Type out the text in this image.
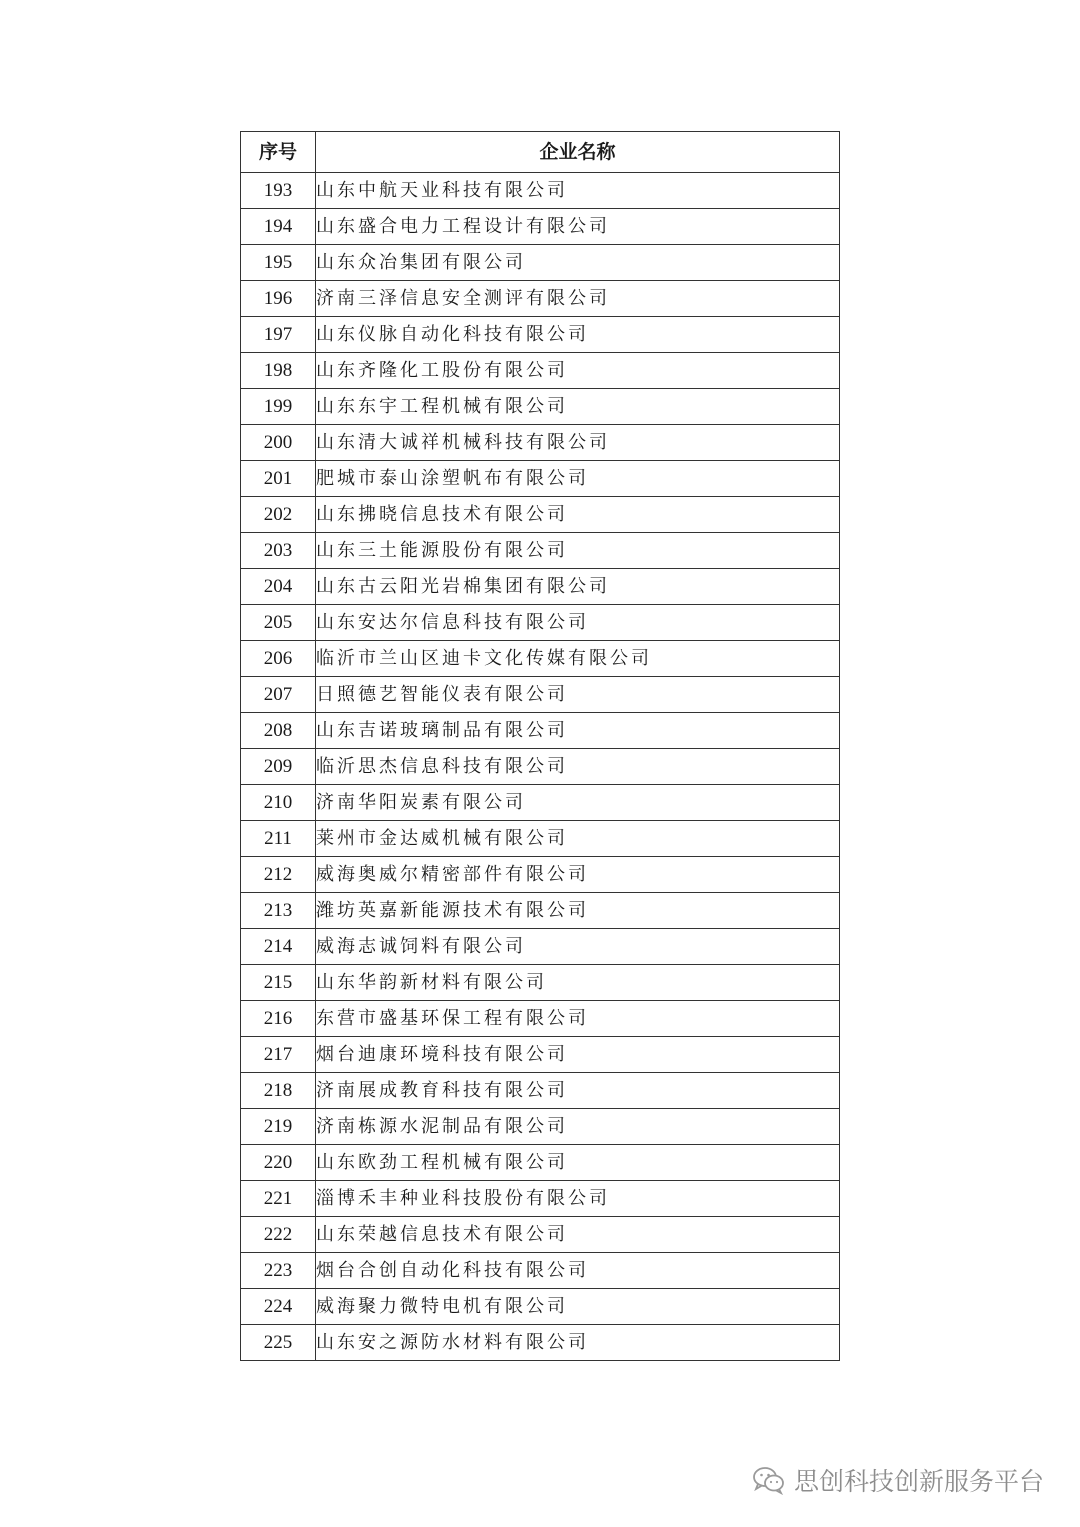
序号	企业名称
193	山东中航天业科技有限公司
194	山东盛合电力工程设计有限公司
195	山东众冶集团有限公司
196	济南三泽信息安全测评有限公司
197	山东仪脉自动化科技有限公司
198	山东齐隆化工股份有限公司
199	山东东宇工程机械有限公司
200	山东清大诚祥机械科技有限公司
201	肥城市泰山涂塑帆布有限公司
202	山东拂晓信息技术有限公司
203	山东三土能源股份有限公司
204	山东古云阳光岩棉集团有限公司
205	山东安达尔信息科技有限公司
206	临沂市兰山区迪卡文化传媒有限公司
207	日照德艺智能仪表有限公司
208	山东吉诺玻璃制品有限公司
209	临沂思杰信息科技有限公司
210	济南华阳炭素有限公司
211	莱州市金达威机械有限公司
212	威海奥威尔精密部件有限公司
213	潍坊英嘉新能源技术有限公司
214	威海志诚饲料有限公司
215	山东华韵新材料有限公司
216	东营市盛基环保工程有限公司
217	烟台迪康环境科技有限公司
218	济南展成教育科技有限公司
219	济南栋源水泥制品有限公司
220	山东欧劲工程机械有限公司
221	淄博禾丰种业科技股份有限公司
222	山东荣越信息技术有限公司
223	烟台合创自动化科技有限公司
224	威海聚力微特电机有限公司
225	山东安之源防水材料有限公司
思创科技创新服务平台
